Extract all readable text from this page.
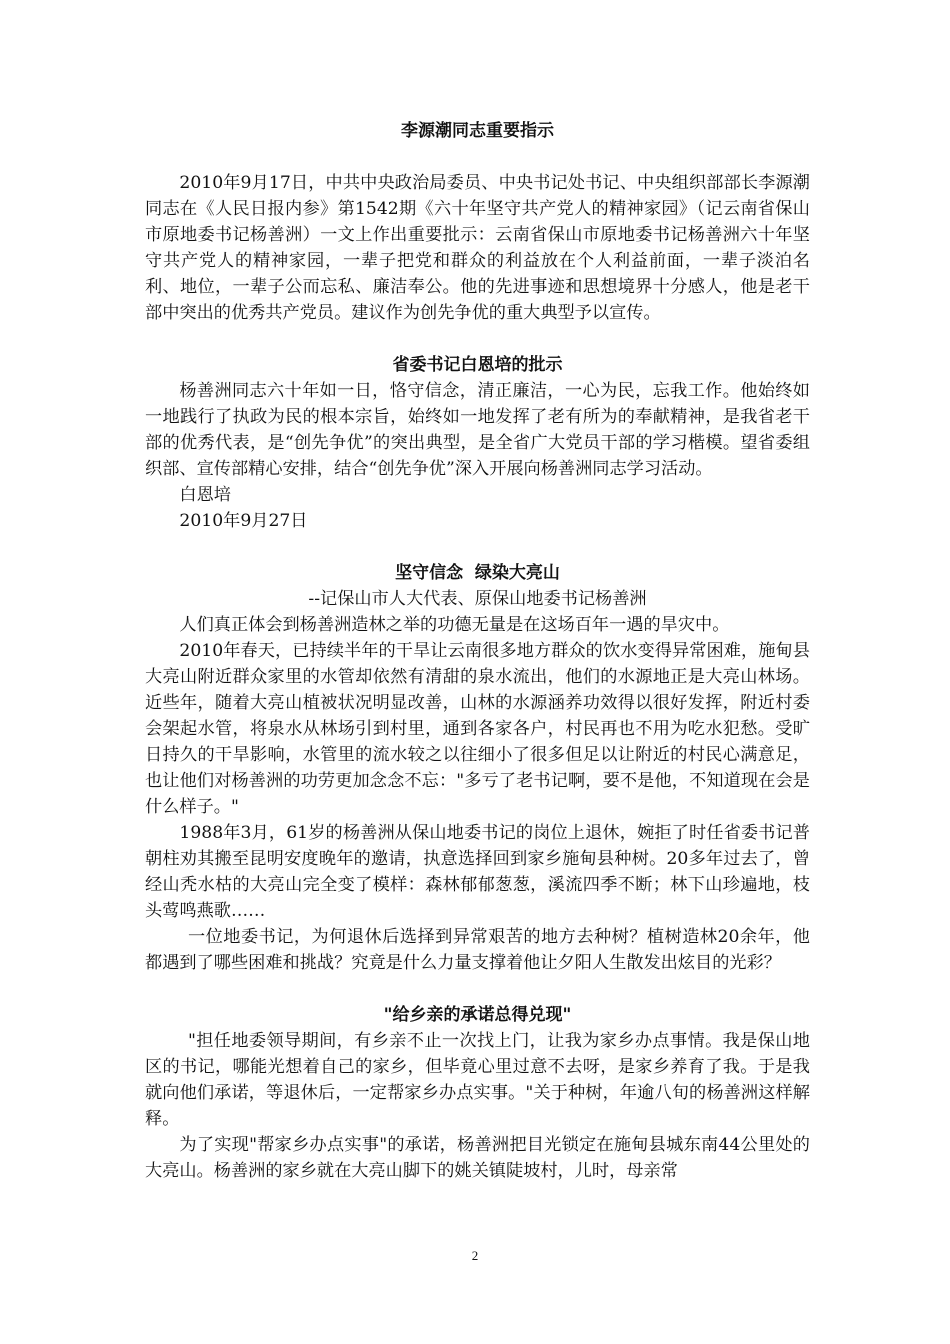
李源潮同志重要指示

2010年9月17日，中共中央政治局委员、中央书记处书记、中央组织部部长李源潮同志在《人民日报内参》第1542期《六十年坚守共产党人的精神家园》（记云南省保山市原地委书记杨善洲）一文上作出重要批示：云南省保山市原地委书记杨善洲六十年坚守共产党人的精神家园，一辈子把党和群众的利益放在个人利益前面，一辈子淡泊名利、地位，一辈子公而忘私、廉洁奉公。他的先进事迹和思想境界十分感人，他是老干部中突出的优秀共产党员。建议作为创先争优的重大典型予以宣传。

省委书记白恩培的批示

杨善洲同志六十年如一日，恪守信念，清正廉洁，一心为民，忘我工作。他始终如一地践行了执政为民的根本宗旨，始终如一地发挥了老有所为的奉献精神，是我省老干部的优秀代表，是“创先争优”的突出典型，是全省广大党员干部的学习楷模。望省委组织部、宣传部精心安排，结合“创先争优”深入开展向杨善洲同志学习活动。

白恩培

2010年9月27日

坚守信念  绿染大亮山

--记保山市人大代表、原保山地委书记杨善洲

人们真正体会到杨善洲造林之举的功德无量是在这场百年一遇的旱灾中。

2010年春天，已持续半年的干旱让云南很多地方群众的饮水变得异常困难，施甸县大亮山附近群众家里的水管却依然有清甜的泉水流出，他们的水源地正是大亮山林场。近些年，随着大亮山植被状况明显改善，山林的水源涵养功效得以很好发挥，附近村委会架起水管，将泉水从林场引到村里，通到各家各户，村民再也不用为吃水犯愁。受旷日持久的干旱影响，水管里的流水较之以往细小了很多但足以让附近的村民心满意足，也让他们对杨善洲的功劳更加念念不忘："多亏了老书记啊，要不是他，不知道现在会是什么样子。"

1988年3月，61岁的杨善洲从保山地委书记的岗位上退休，婉拒了时任省委书记普朝柱劝其搬至昆明安度晚年的邀请，执意选择回到家乡施甸县种树。20多年过去了，曾经山秃水枯的大亮山完全变了模样：森林郁郁葱葱，溪流四季不断；林下山珍遍地，枝头莺鸣燕歌……

一位地委书记，为何退休后选择到异常艰苦的地方去种树？植树造林20余年，他都遇到了哪些困难和挑战？究竟是什么力量支撑着他让夕阳人生散发出炫目的光彩？

"给乡亲的承诺总得兑现"

"担任地委领导期间，有乡亲不止一次找上门，让我为家乡办点事情。我是保山地区的书记，哪能光想着自己的家乡，但毕竟心里过意不去呀，是家乡养育了我。于是我就向他们承诺，等退休后，一定帮家乡办点实事。"关于种树，年逾八旬的杨善洲这样解释。

为了实现"帮家乡办点实事"的承诺，杨善洲把目光锁定在施甸县城东南44公里处的大亮山。杨善洲的家乡就在大亮山脚下的姚关镇陡坡村，儿时，母亲常

2
